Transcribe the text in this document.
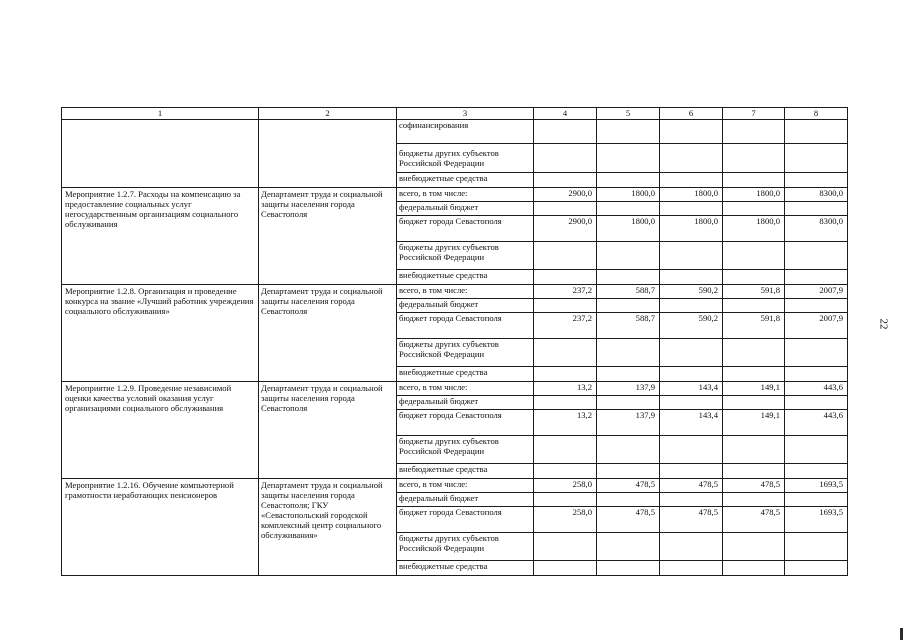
1	2	3	4	5	6	7	8
		софинансирования					
		бюджеты других субъектов Российской Федерации					
		внебюджетные средства					
Мероприятие 1.2.7. Расходы на компенсацию за предоставление социальных услуг негосударственным организациям социального обслуживания	Департамент труда и социальной защиты населения города Севастополя	всего, в том числе:	2900,0	1800,0	1800,0	1800,0	8300,0
		федеральный бюджет					
		бюджет города Севастополя	2900,0	1800,0	1800,0	1800,0	8300,0
		бюджеты других субъектов Российской Федерации					
		внебюджетные средства					
Мероприятие 1.2.8. Организация и проведение конкурса на звание «Лучший работник учреждения социального обслуживания»	Департамент труда и социальной защиты населения города Севастополя	всего, в том числе:	237,2	588,7	590,2	591,8	2007,9
		федеральный бюджет					
		бюджет города Севастополя	237,2	588,7	590,2	591,8	2007,9
		бюджеты других субъектов Российской Федерации					
		внебюджетные средства					
Мероприятие 1.2.9. Проведение независимой оценки качества условий оказания услуг организациями социального обслуживания	Департамент труда и социальной защиты населения города Севастополя	всего, в том числе:	13,2	137,9	143,4	149,1	443,6
		федеральный бюджет					
		бюджет города Севастополя	13,2	137,9	143,4	149,1	443,6
		бюджеты других субъектов Российской Федерации					
		внебюджетные средства					
Мероприятие 1.2.16. Обучение компьютерной грамотности неработающих пенсионеров	Департамент труда и социальной защиты населения города Севастополя; ГКУ «Севастопольский городской комплексный центр социального обслуживания»	всего, в том числе:	258,0	478,5	478,5	478,5	1693,5
		федеральный бюджет					
		бюджет города Севастополя	258,0	478,5	478,5	478,5	1693,5
		бюджеты других субъектов Российской Федерации					
		внебюджетные средства					
22
